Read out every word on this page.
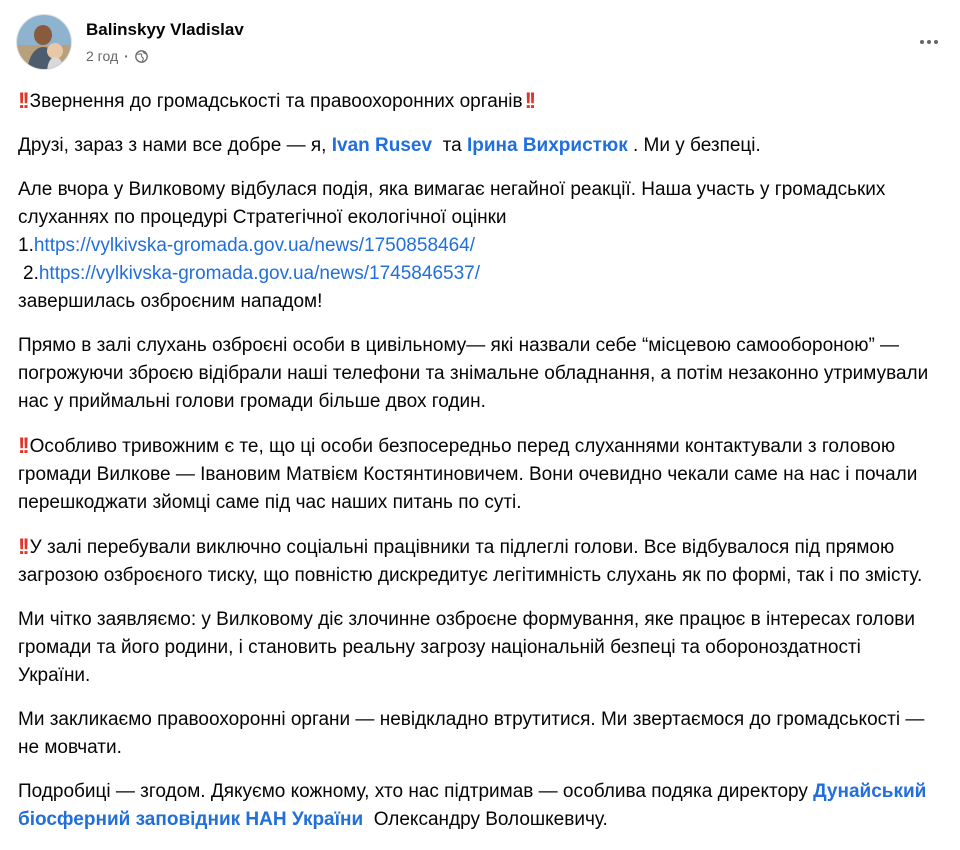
Balinskyy Vladislav
2 год ·

!! Звернення до громадськості та правоохоронних органів!!

Друзі, зараз з нами все добре — я, Ivan Rusev  та Ірина Вихристюк . Ми у безпеці.

Але вчора у Вилковому відбулася подія, яка вимагає негайної реакції. Наша участь у громадських слуханнях по процедурі Стратегічної екологічної оцінки
1.https://vylkivska-gromada.gov.ua/news/1750858464/
2.https://vylkivska-gromada.gov.ua/news/1745846537/
завершилась озброєним нападом!

Прямо в залі слухань озброєні особи в цивільному— які назвали себе “місцевою самообороною” — погрожуючи зброєю відібрали наші телефони та знімальне обладнання, а потім незаконно утримували нас у приймальні голови громади більше двох годин.

!! Особливо тривожним є те, що ці особи безпосередньо перед слуханнями контактували з головою громади Вилкове — Івановим Матвієм Костянтиновичем. Вони очевидно чекали саме на нас і почали перешкоджати зйомці саме під час наших питань по суті.

!! У залі перебували виключно соціальні працівники та підлеглі голови. Все відбувалося під прямою загрозою озброєного тиску, що повністю дискредитує легітимність слухань як по формі, так і по змісту.

Ми чітко заявляємо: у Вилковому діє злочинне озброєне формування, яке працює в інтересах голови громади та його родини, і становить реальну загрозу національній безпеці та обороноздатності України.

Ми закликаємо правоохоронні органи — невідкладно втрутитися. Ми звертаємося до громадськості — не мовчати.

Подробиці — згодом. Дякуємо кожному, хто нас підтримав — особлива подяка директору Дунайський біосферний заповідник НАН України  Олександру Волошкевичу.
